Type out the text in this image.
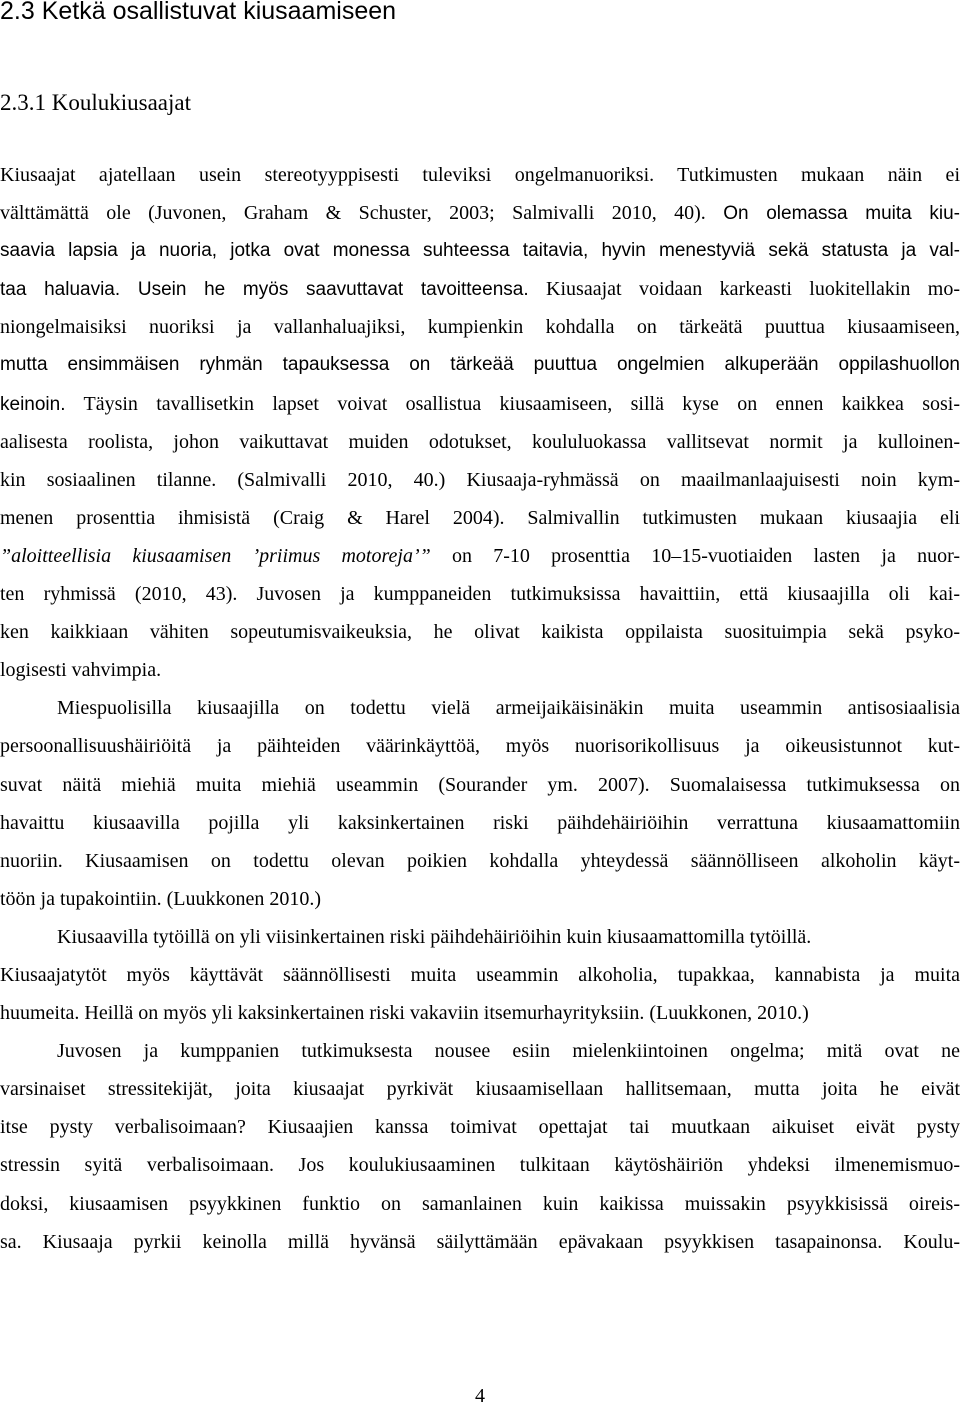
2.3 Ketkä osallistuvat kiusaamiseen
2.3.1 Koulukiusaajat
Kiusaajat ajatellaan usein stereotyyppisesti tuleviksi ongelmanuoriksi. Tutkimusten mukaan näin ei
välttämättä ole (Juvonen, Graham & Schuster, 2003; Salmivalli 2010, 40). On olemassa muita kiu-
saavia lapsia ja nuoria, jotka ovat monessa suhteessa taitavia, hyvin menestyviä sekä statusta ja val-
taa haluavia. Usein he myös saavuttavat tavoitteensa. Kiusaajat voidaan karkeasti luokitellakin mo-
niongelmaisiksi nuoriksi ja vallanhaluajiksi, kumpienkin kohdalla on tärkeätä puuttua kiusaamiseen,
mutta ensimmäisen ryhmän tapauksessa on tärkeää puuttua ongelmien alkuperään oppilashuollon
keinoin. Täysin tavallisetkin lapset voivat osallistua kiusaamiseen, sillä kyse on ennen kaikkea sosi-
aalisesta roolista, johon vaikuttavat muiden odotukset, koululuokassa vallitsevat normit ja kulloinen-
kin sosiaalinen tilanne. (Salmivalli 2010, 40.) Kiusaaja-ryhmässä on maailmanlaajuisesti noin kym-
menen prosenttia ihmisistä (Craig & Harel 2004). Salmivallin tutkimusten mukaan kiusaajia eli
”aloitteellisia kiusaamisen ’priimus motoreja’” on 7-10 prosenttia 10–15-vuotiaiden lasten ja nuor-
ten ryhmissä (2010, 43). Juvosen ja kumppaneiden tutkimuksissa havaittiin, että kiusaajilla oli kai-
ken kaikkiaan vähiten sopeutumisvaikeuksia, he olivat kaikista oppilaista suosituimpia sekä psyko-
logisesti vahvimpia.
Miespuolisilla kiusaajilla on todettu vielä armeijaikäisinäkin muita useammin antisosiaalisia
persoonallisuushäiriöitä ja päihteiden väärinkäyttöä, myös nuorisorikollisuus ja oikeusistunnot kut-
suvat näitä miehiä muita miehiä useammin (Sourander ym. 2007). Suomalaisessa tutkimuksessa on
havaittu kiusaavilla pojilla yli kaksinkertainen riski päihdehäiriöihin verrattuna kiusaamattomiin
nuoriin. Kiusaamisen on todettu olevan poikien kohdalla yhteydessä säännölliseen alkoholin käyt-
töön ja tupakointiin. (Luukkonen 2010.)
Kiusaavilla tytöillä on yli viisinkertainen riski päihdehäiriöihin kuin kiusaamattomilla tytöillä.
Kiusaajatytöt myös käyttävät säännöllisesti muita useammin alkoholia, tupakkaa, kannabista ja muita
huumeita. Heillä on myös yli kaksinkertainen riski vakaviin itsemurhayrityksiin. (Luukkonen, 2010.)
Juvosen ja kumppanien tutkimuksesta nousee esiin mielenkiintoinen ongelma; mitä ovat ne
varsinaiset stressitekijät, joita kiusaajat pyrkivät kiusaamisellaan hallitsemaan, mutta joita he eivät
itse pysty verbalisoimaan? Kiusaajien kanssa toimivat opettajat tai muutkaan aikuiset eivät pysty
stressin syitä verbalisoimaan. Jos koulukiusaaminen tulkitaan käytöshäiriön yhdeksi ilmenemismuo-
doksi, kiusaamisen psyykkinen funktio on samanlainen kuin kaikissa muissakin psyykkisissä oireis-
sa. Kiusaaja pyrkii keinolla millä hyvänsä säilyttämään epävakaan psyykkisen tasapainonsa. Koulu-
4
